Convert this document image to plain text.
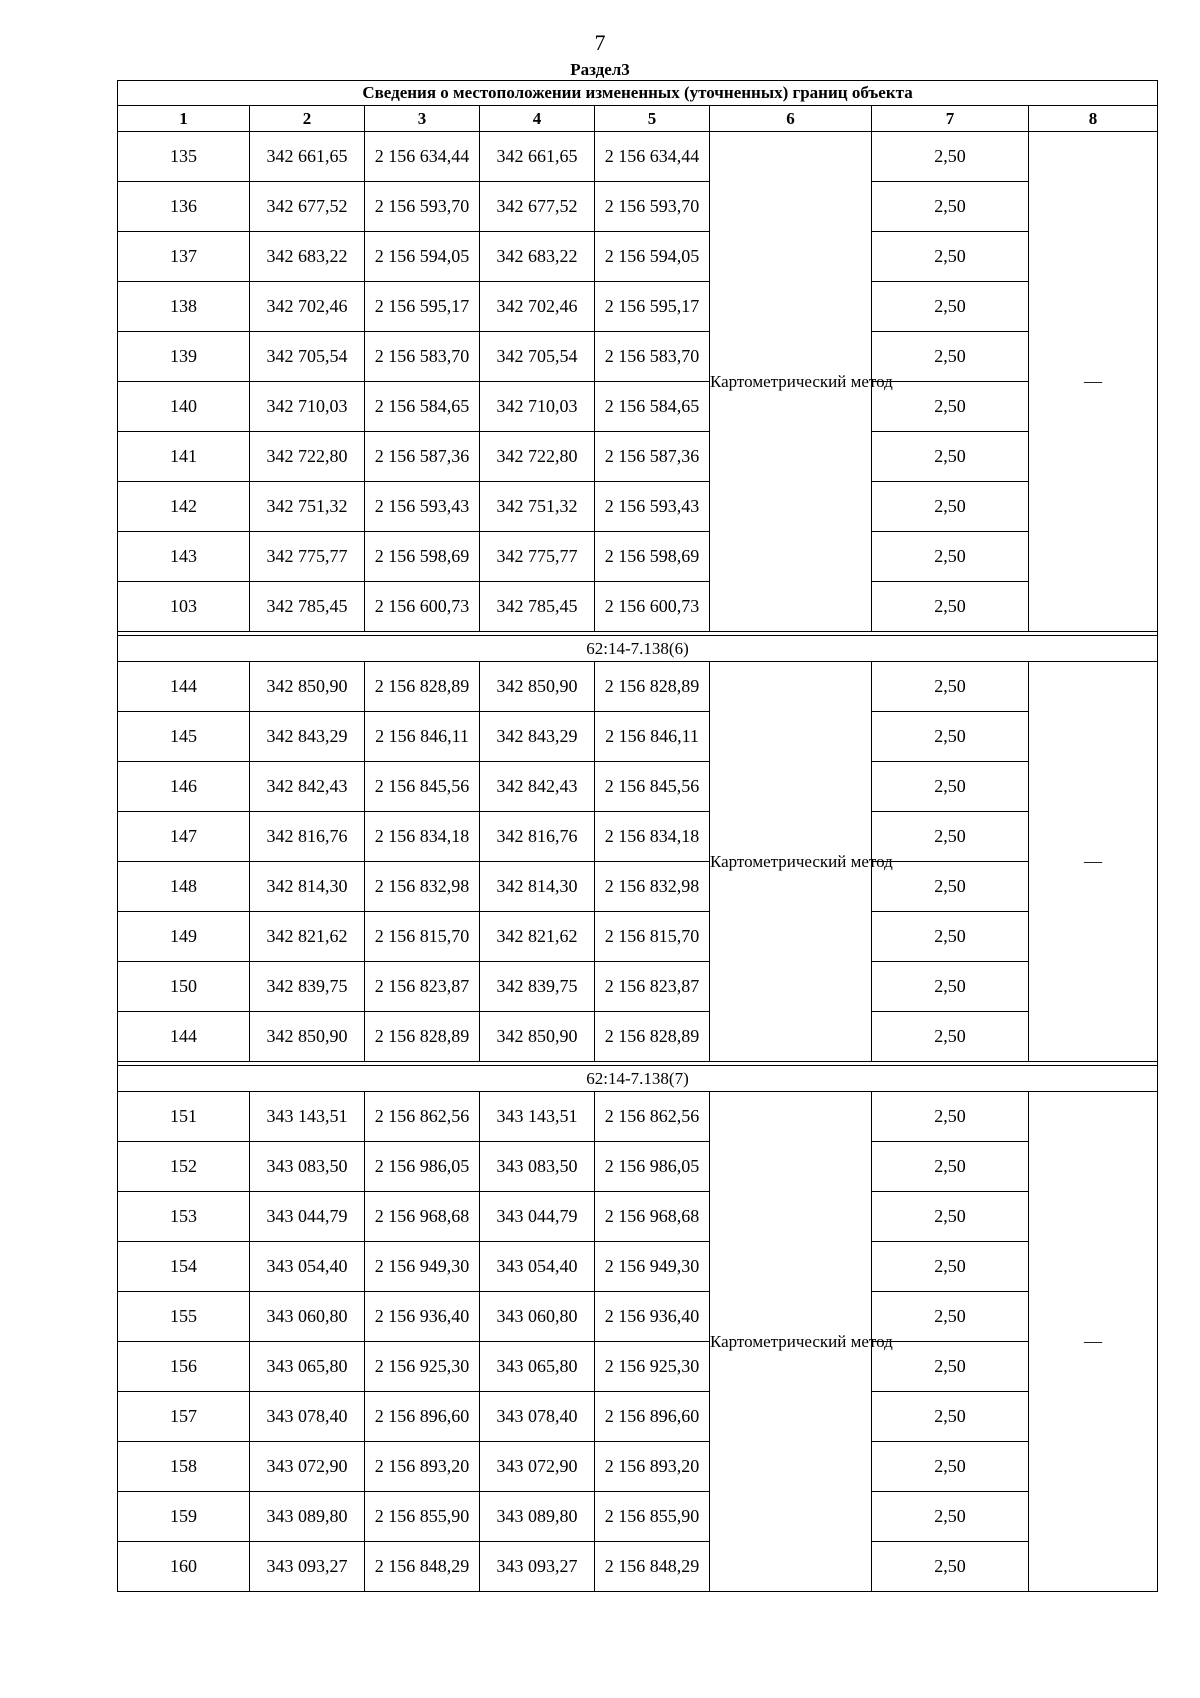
7
Раздел3
Сведения о местоположении измененных (уточненных) границ объекта							
1	2	3	4	5	6	7	8
135	342 661,65	2 156 634,44	342 661,65	2 156 634,44	Картометрический метод	2,50	—
136	342 677,52	2 156 593,70	342 677,52	2 156 593,70		2,50	
137	342 683,22	2 156 594,05	342 683,22	2 156 594,05		2,50	
138	342 702,46	2 156 595,17	342 702,46	2 156 595,17		2,50	
139	342 705,54	2 156 583,70	342 705,54	2 156 583,70		2,50	
140	342 710,03	2 156 584,65	342 710,03	2 156 584,65		2,50	
141	342 722,80	2 156 587,36	342 722,80	2 156 587,36		2,50	
142	342 751,32	2 156 593,43	342 751,32	2 156 593,43		2,50	
143	342 775,77	2 156 598,69	342 775,77	2 156 598,69		2,50	
103	342 785,45	2 156 600,73	342 785,45	2 156 600,73		2,50	

62:14-7.138(6)							
144	342 850,90	2 156 828,89	342 850,90	2 156 828,89	Картометрический метод	2,50	—
145	342 843,29	2 156 846,11	342 843,29	2 156 846,11		2,50	
146	342 842,43	2 156 845,56	342 842,43	2 156 845,56		2,50	
147	342 816,76	2 156 834,18	342 816,76	2 156 834,18		2,50	
148	342 814,30	2 156 832,98	342 814,30	2 156 832,98		2,50	
149	342 821,62	2 156 815,70	342 821,62	2 156 815,70		2,50	
150	342 839,75	2 156 823,87	342 839,75	2 156 823,87		2,50	
144	342 850,90	2 156 828,89	342 850,90	2 156 828,89		2,50	

62:14-7.138(7)							
151	343 143,51	2 156 862,56	343 143,51	2 156 862,56	Картометрический метод	2,50	—
152	343 083,50	2 156 986,05	343 083,50	2 156 986,05		2,50	
153	343 044,79	2 156 968,68	343 044,79	2 156 968,68		2,50	
154	343 054,40	2 156 949,30	343 054,40	2 156 949,30		2,50	
155	343 060,80	2 156 936,40	343 060,80	2 156 936,40		2,50	
156	343 065,80	2 156 925,30	343 065,80	2 156 925,30		2,50	
157	343 078,40	2 156 896,60	343 078,40	2 156 896,60		2,50	
158	343 072,90	2 156 893,20	343 072,90	2 156 893,20		2,50	
159	343 089,80	2 156 855,90	343 089,80	2 156 855,90		2,50	
160	343 093,27	2 156 848,29	343 093,27	2 156 848,29		2,50	
